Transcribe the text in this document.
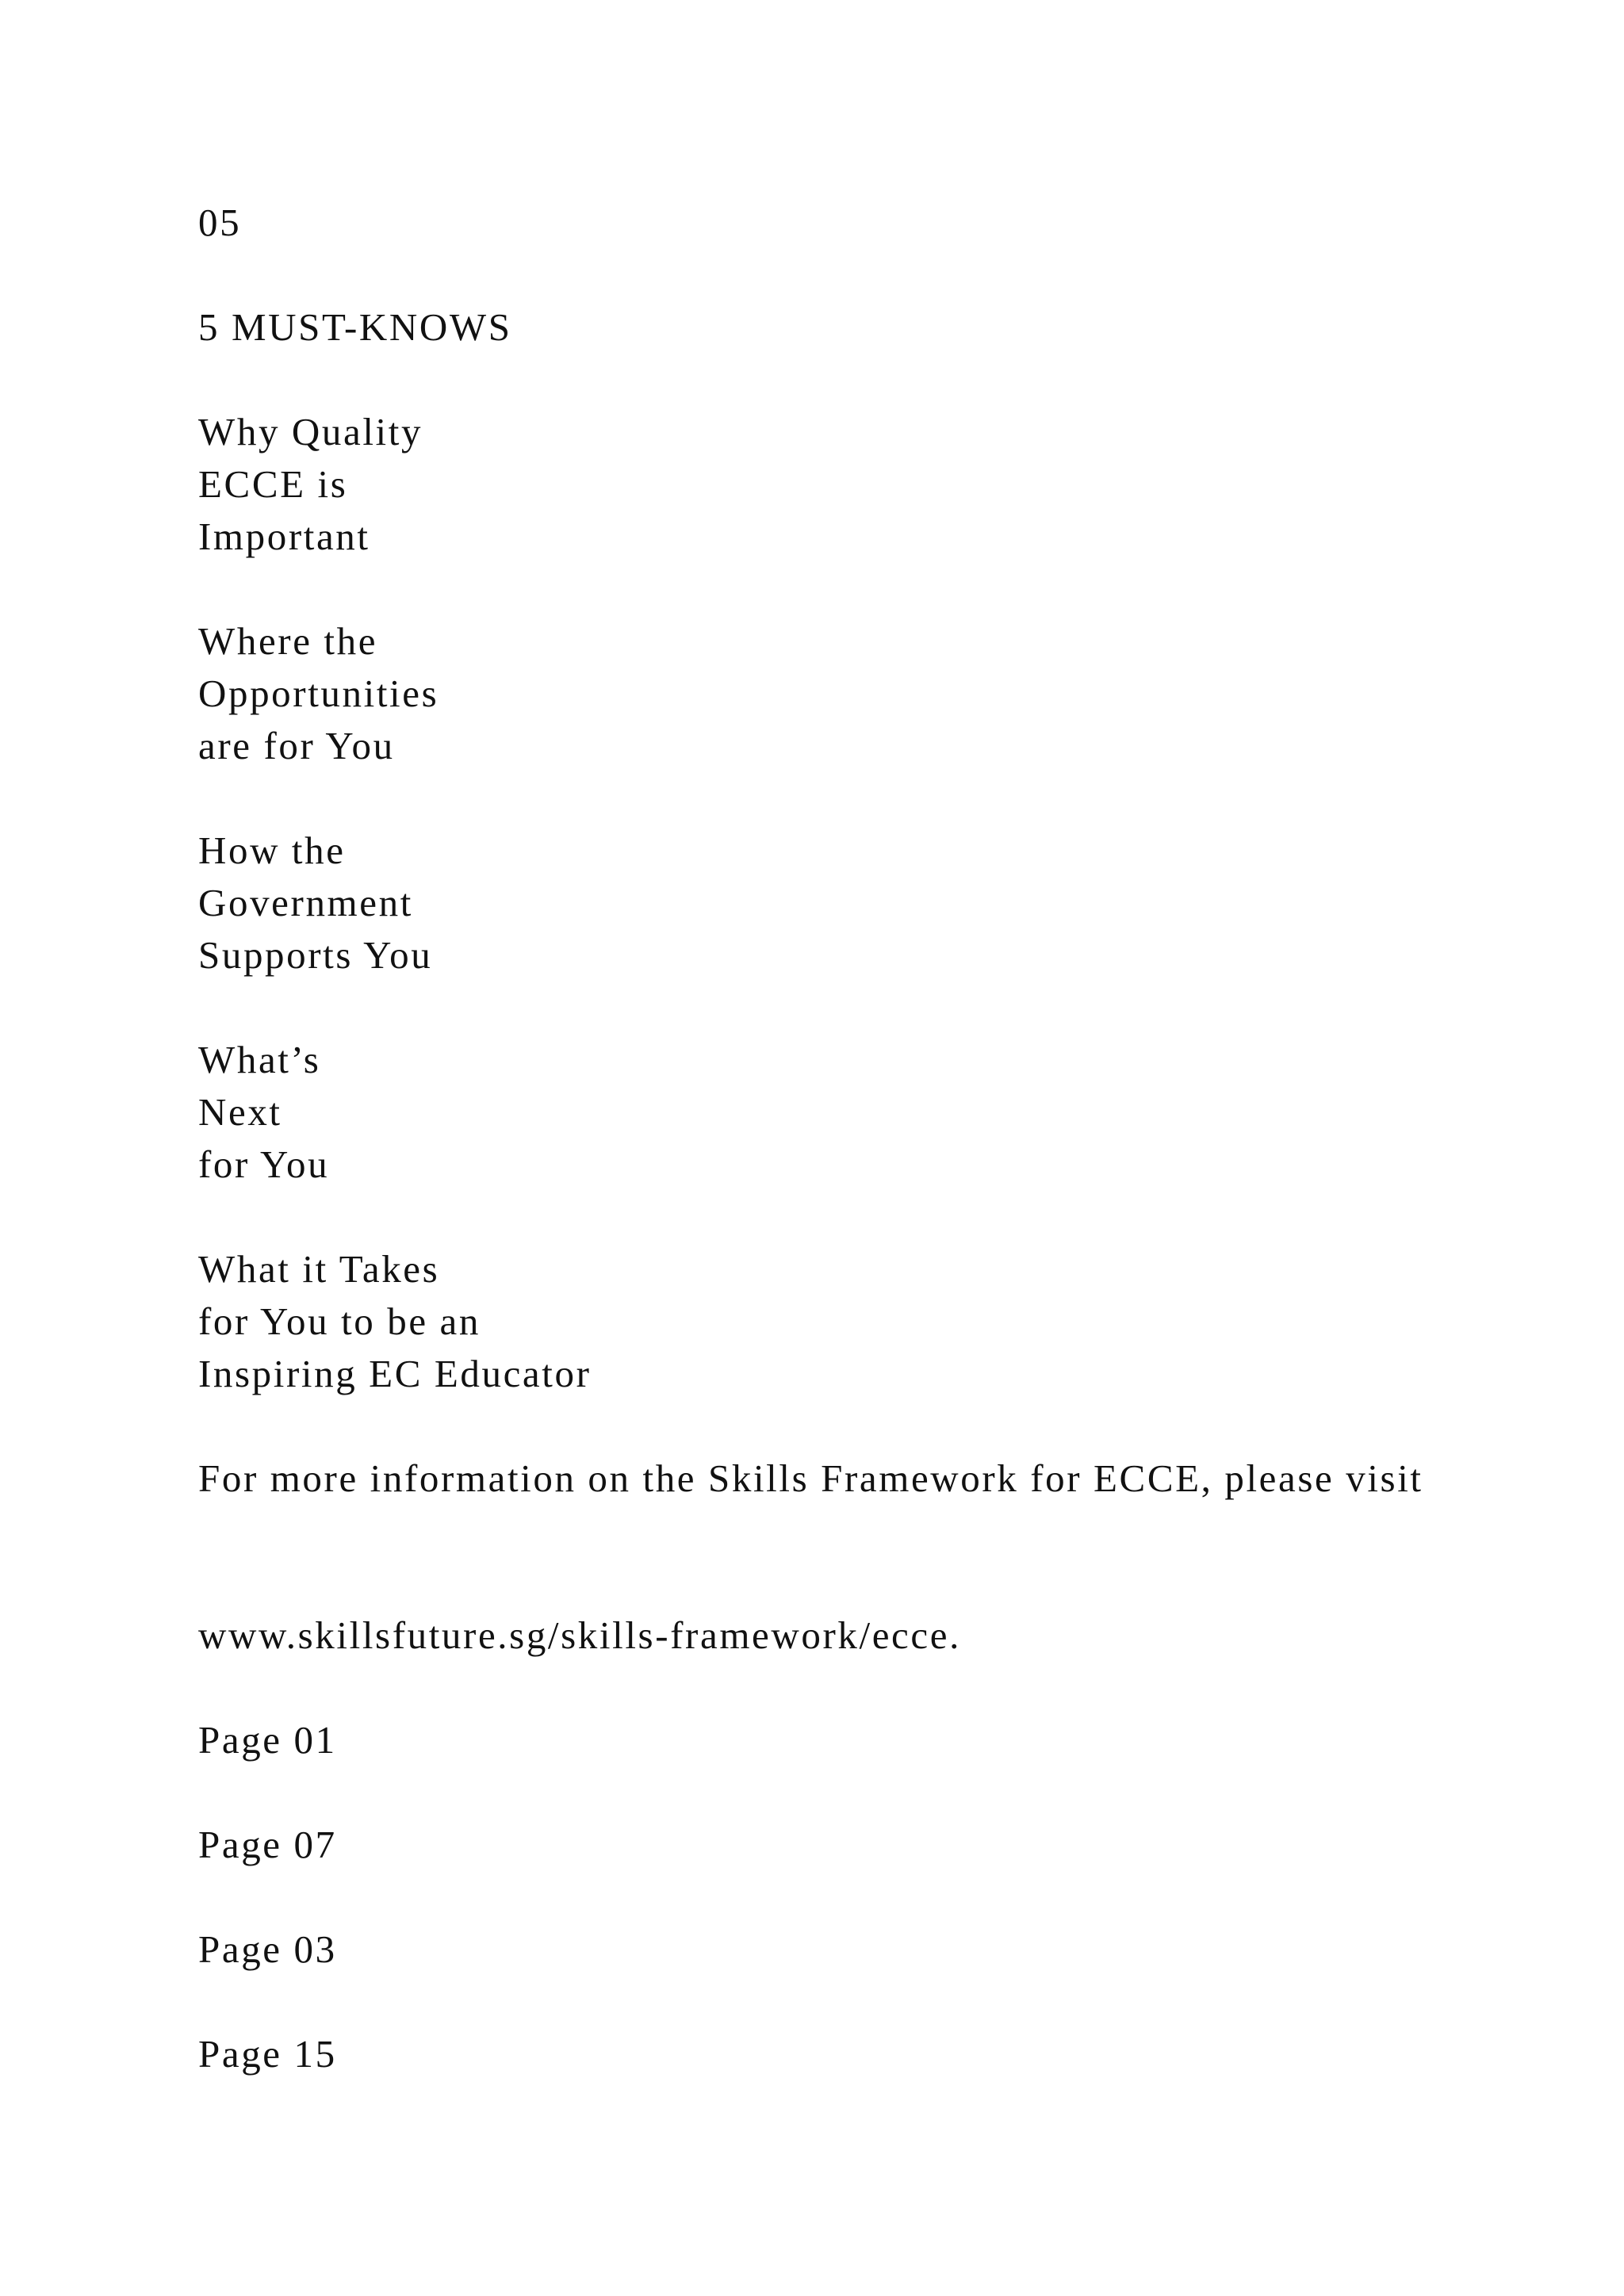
05
5 MUST-KNOWS
Why Quality
ECCE is
Important
Where the
Opportunities
are for You
How the
Government
Supports You
What’s
Next
for You
What it Takes
for You to be an
Inspiring EC Educator
For more information on the Skills Framework for ECCE, please visit
www.skillsfuture.sg/skills-framework/ecce.
Page 01
Page 07
Page 03
Page 15
